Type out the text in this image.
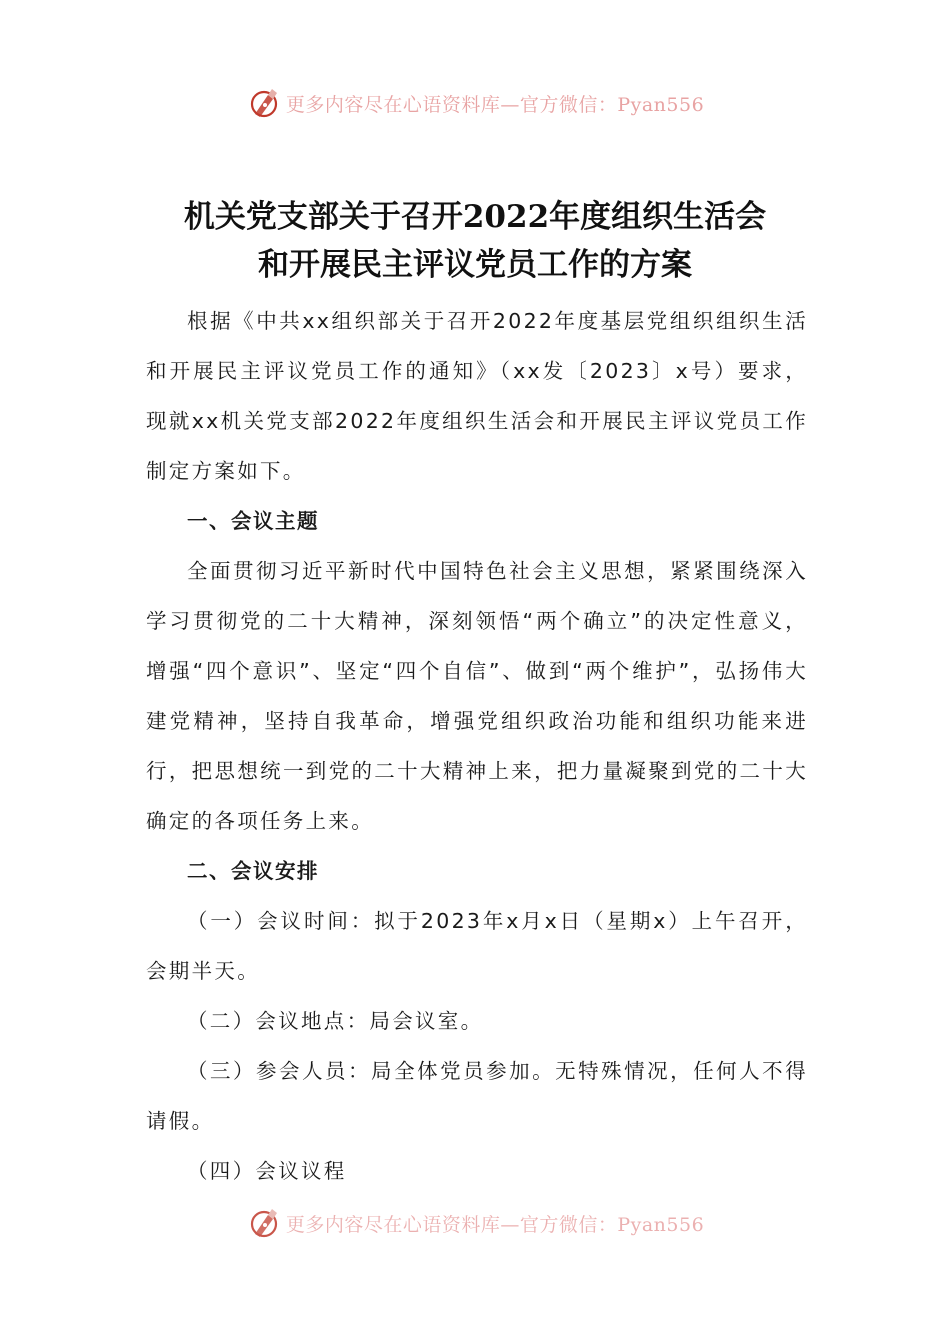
更多内容尽在心语资料库—官方微信：Pyan556
机关党支部关于召开2022年度组织生活会
和开展民主评议党员工作的方案

根据《中共xx组织部关于召开2022年度基层党组织组织生活和开展民主评议党员工作的通知》（xx发〔2023〕x号）要求，现就xx机关党支部2022年度组织生活会和开展民主评议党员工作制定方案如下。

一、会议主题

全面贯彻习近平新时代中国特色社会主义思想，紧紧围绕深入学习贯彻党的二十大精神，深刻领悟“两个确立”的决定性意义，增强“四个意识”、坚定“四个自信”、做到“两个维护”，弘扬伟大建党精神，坚持自我革命，增强党组织政治功能和组织功能来进行，把思想统一到党的二十大精神上来，把力量凝聚到党的二十大确定的各项任务上来。

二、会议安排

（一）会议时间：拟于2023年x月x日（星期x）上午召开，会期半天。

（二）会议地点：局会议室。

（三）参会人员：局全体党员参加。无特殊情况，任何人不得请假。

（四）会议议程

更多内容尽在心语资料库—官方微信：Pyan556
